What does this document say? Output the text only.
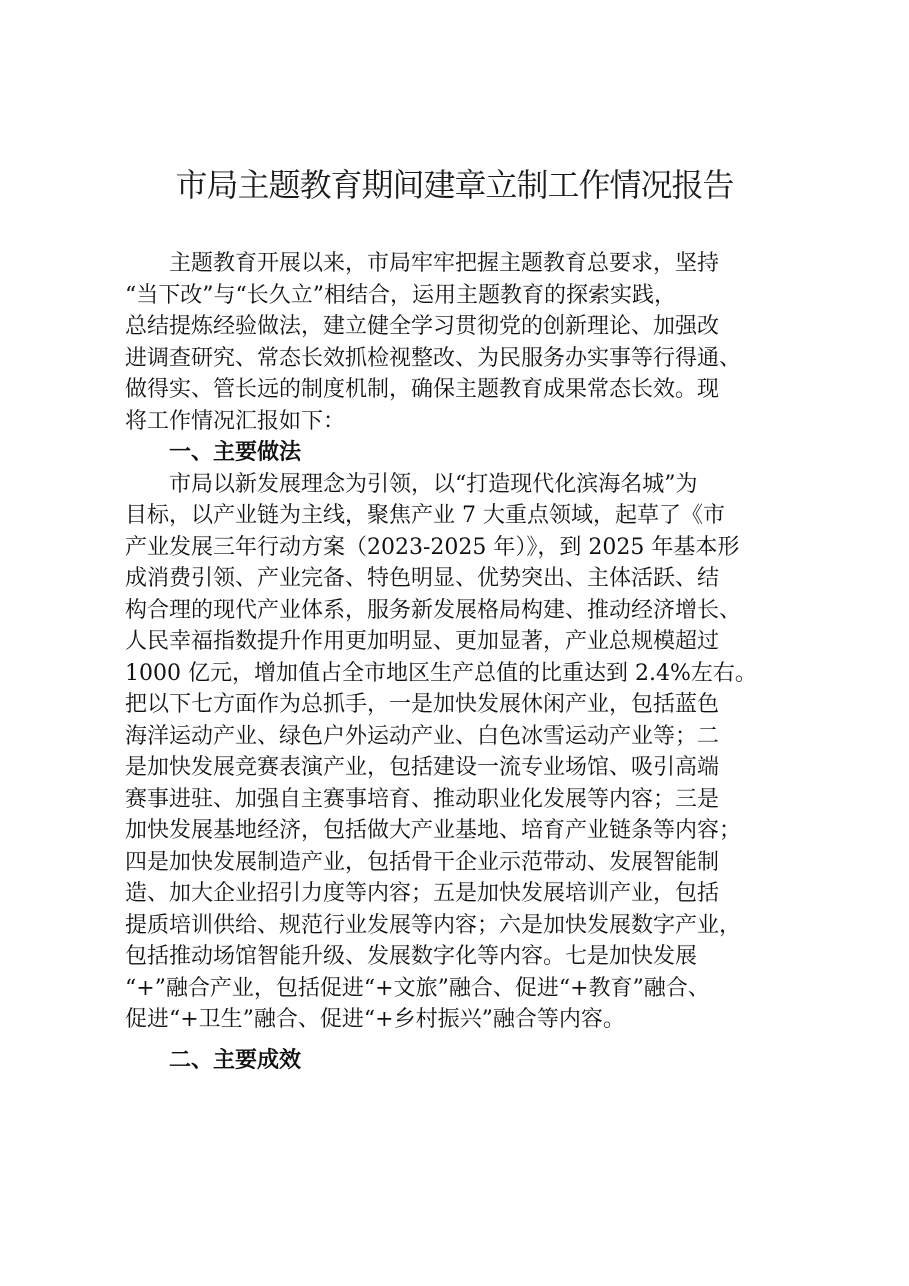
市局主题教育期间建章立制工作情况报告
　　主题教育开展以来，市局牢牢把握主题教育总要求，坚持
“当下改”与“长久立”相结合，运用主题教育的探索实践，
总结提炼经验做法，建立健全学习贯彻党的创新理论、加强改
进调查研究、常态长效抓检视整改、为民服务办实事等行得通、
做得实、管长远的制度机制，确保主题教育成果常态长效。现
将工作情况汇报如下：
一、主要做法
　　市局以新发展理念为引领，以“打造现代化滨海名城”为
目标，以产业链为主线，聚焦产业 7 大重点领域，起草了《市
产业发展三年行动方案（2023-2025 年）》，到 2025 年基本形
成消费引领、产业完备、特色明显、优势突出、主体活跃、结
构合理的现代产业体系，服务新发展格局构建、推动经济增长、
人民幸福指数提升作用更加明显、更加显著，产业总规模超过
1000 亿元，增加值占全市地区生产总值的比重达到 2.4%左右。
把以下七方面作为总抓手，一是加快发展休闲产业，包括蓝色
海洋运动产业、绿色户外运动产业、白色冰雪运动产业等；二
是加快发展竞赛表演产业，包括建设一流专业场馆、吸引高端
赛事进驻、加强自主赛事培育、推动职业化发展等内容；三是
加快发展基地经济，包括做大产业基地、培育产业链条等内容；
四是加快发展制造产业，包括骨干企业示范带动、发展智能制
造、加大企业招引力度等内容；五是加快发展培训产业，包括
提质培训供给、规范行业发展等内容；六是加快发展数字产业，
包括推动场馆智能升级、发展数字化等内容。七是加快发展
“+”融合产业，包括促进“+文旅”融合、促进“+教育”融合、
促进“+卫生”融合、促进“+乡村振兴”融合等内容。
二、主要成效
